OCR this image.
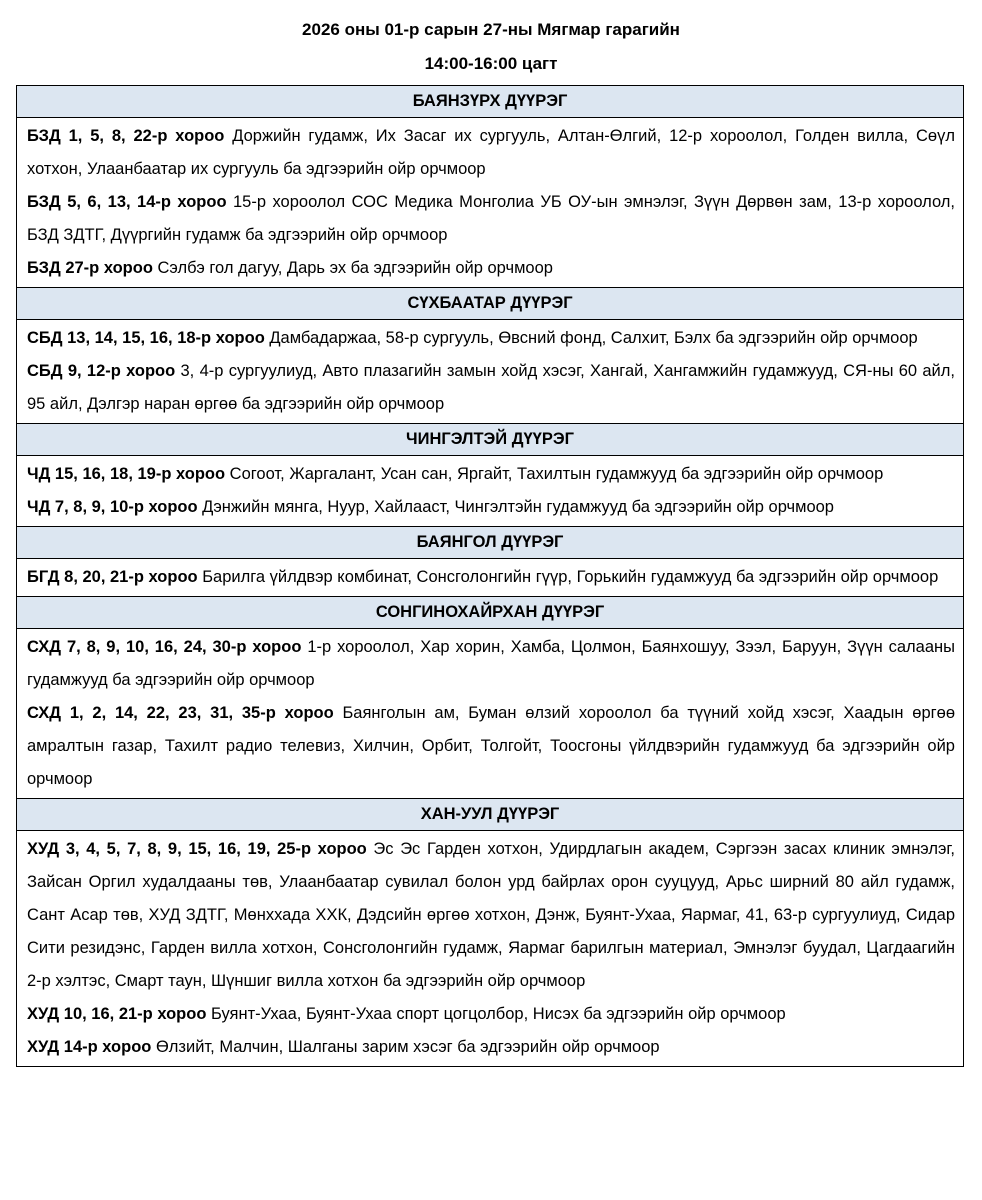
2026 оны 01-р сарын 27-ны Мягмар гарагийн
14:00-16:00 цагт
БАЯНЗҮРХ ДҮҮРЭГ
БЗД 1, 5, 8, 22-р хороо Доржийн гудамж, Их Засаг их сургууль, Алтан-Өлгий, 12-р хороолол, Голден вилла, Сөүл хотхон, Улаанбаатар их сургууль ба эдгээрийн ойр орчмоор
БЗД 5, 6, 13, 14-р хороо 15-р хороолол СОС Медика Монголиа УБ ОУ-ын эмнэлэг, Зүүн Дөрвөн зам, 13-р хороолол, БЗД ЗДТГ, Дүүргийн гудамж ба эдгээрийн ойр орчмоор
БЗД 27-р хороо Сэлбэ гол дагуу, Дарь эх ба эдгээрийн ойр орчмоор
СҮХБААТАР ДҮҮРЭГ
СБД 13, 14, 15, 16, 18-р хороо Дамбадаржаа, 58-р сургууль, Өвсний фонд, Салхит, Бэлх ба эдгээрийн ойр орчмоор
СБД 9, 12-р хороо 3, 4-р сургуулиуд, Авто плазагийн замын хойд хэсэг, Хангай, Хангамжийн гудамжууд, СЯ-ны 60 айл, 95 айл, Дэлгэр наран өргөө ба эдгээрийн ойр орчмоор
ЧИНГЭЛТЭЙ ДҮҮРЭГ
ЧД 15, 16, 18, 19-р хороо Согоот, Жаргалант, Усан сан, Яргайт, Тахилтын гудамжууд ба эдгээрийн ойр орчмоор
ЧД 7, 8, 9, 10-р хороо Дэнжийн мянга, Нуур, Хайлааст, Чингэлтэйн гудамжууд ба эдгээрийн ойр орчмоор
БАЯНГОЛ ДҮҮРЭГ
БГД 8, 20, 21-р хороо Барилга үйлдвэр комбинат, Сонсголонгийн гүүр, Горькийн гудамжууд ба эдгээрийн ойр орчмоор
СОНГИНОХАЙРХАН ДҮҮРЭГ
СХД 7, 8, 9, 10, 16, 24, 30-р хороо 1-р хороолол, Хар хорин, Хамба, Цолмон, Баянхошуу, Зээл, Баруун, Зүүн салааны гудамжууд ба эдгээрийн ойр орчмоор
СХД 1, 2, 14, 22, 23, 31, 35-р хороо Баянголын ам, Буман өлзий хороолол ба түүний хойд хэсэг, Хаадын өргөө амралтын газар, Тахилт радио телевиз, Хилчин, Орбит, Толгойт, Тоосгоны үйлдвэрийн гудамжууд ба эдгээрийн ойр орчмоор
ХАН-УУЛ ДҮҮРЭГ
ХУД 3, 4, 5, 7, 8, 9, 15, 16, 19, 25-р хороо Эс Эс Гарден хотхон, Удирдлагын академ, Сэргээн засах клиник эмнэлэг, Зайсан Оргил худалдааны төв, Улаанбаатар сувилал болон урд байрлах орон сууцууд, Арьс ширний 80 айл гудамж, Сант Асар төв, ХУД ЗДТГ, Мөнххада ХХК, Дэдсийн өргөө хотхон, Дэнж, Буянт-Ухаа, Яармаг, 41, 63-р сургуулиуд, Сидар Сити резидэнс, Гарден вилла хотхон, Сонсголонгийн гудамж, Яармаг барилгын материал, Эмнэлэг буудал, Цагдаагийн 2-р хэлтэс, Смарт таун, Шүншиг вилла хотхон ба эдгээрийн ойр орчмоор
ХУД 10, 16, 21-р хороо Буянт-Ухаа, Буянт-Ухаа спорт цогцолбор, Нисэх ба эдгээрийн ойр орчмоор
ХУД 14-р хороо Өлзийт, Малчин, Шалганы зарим хэсэг ба эдгээрийн ойр орчмоор
